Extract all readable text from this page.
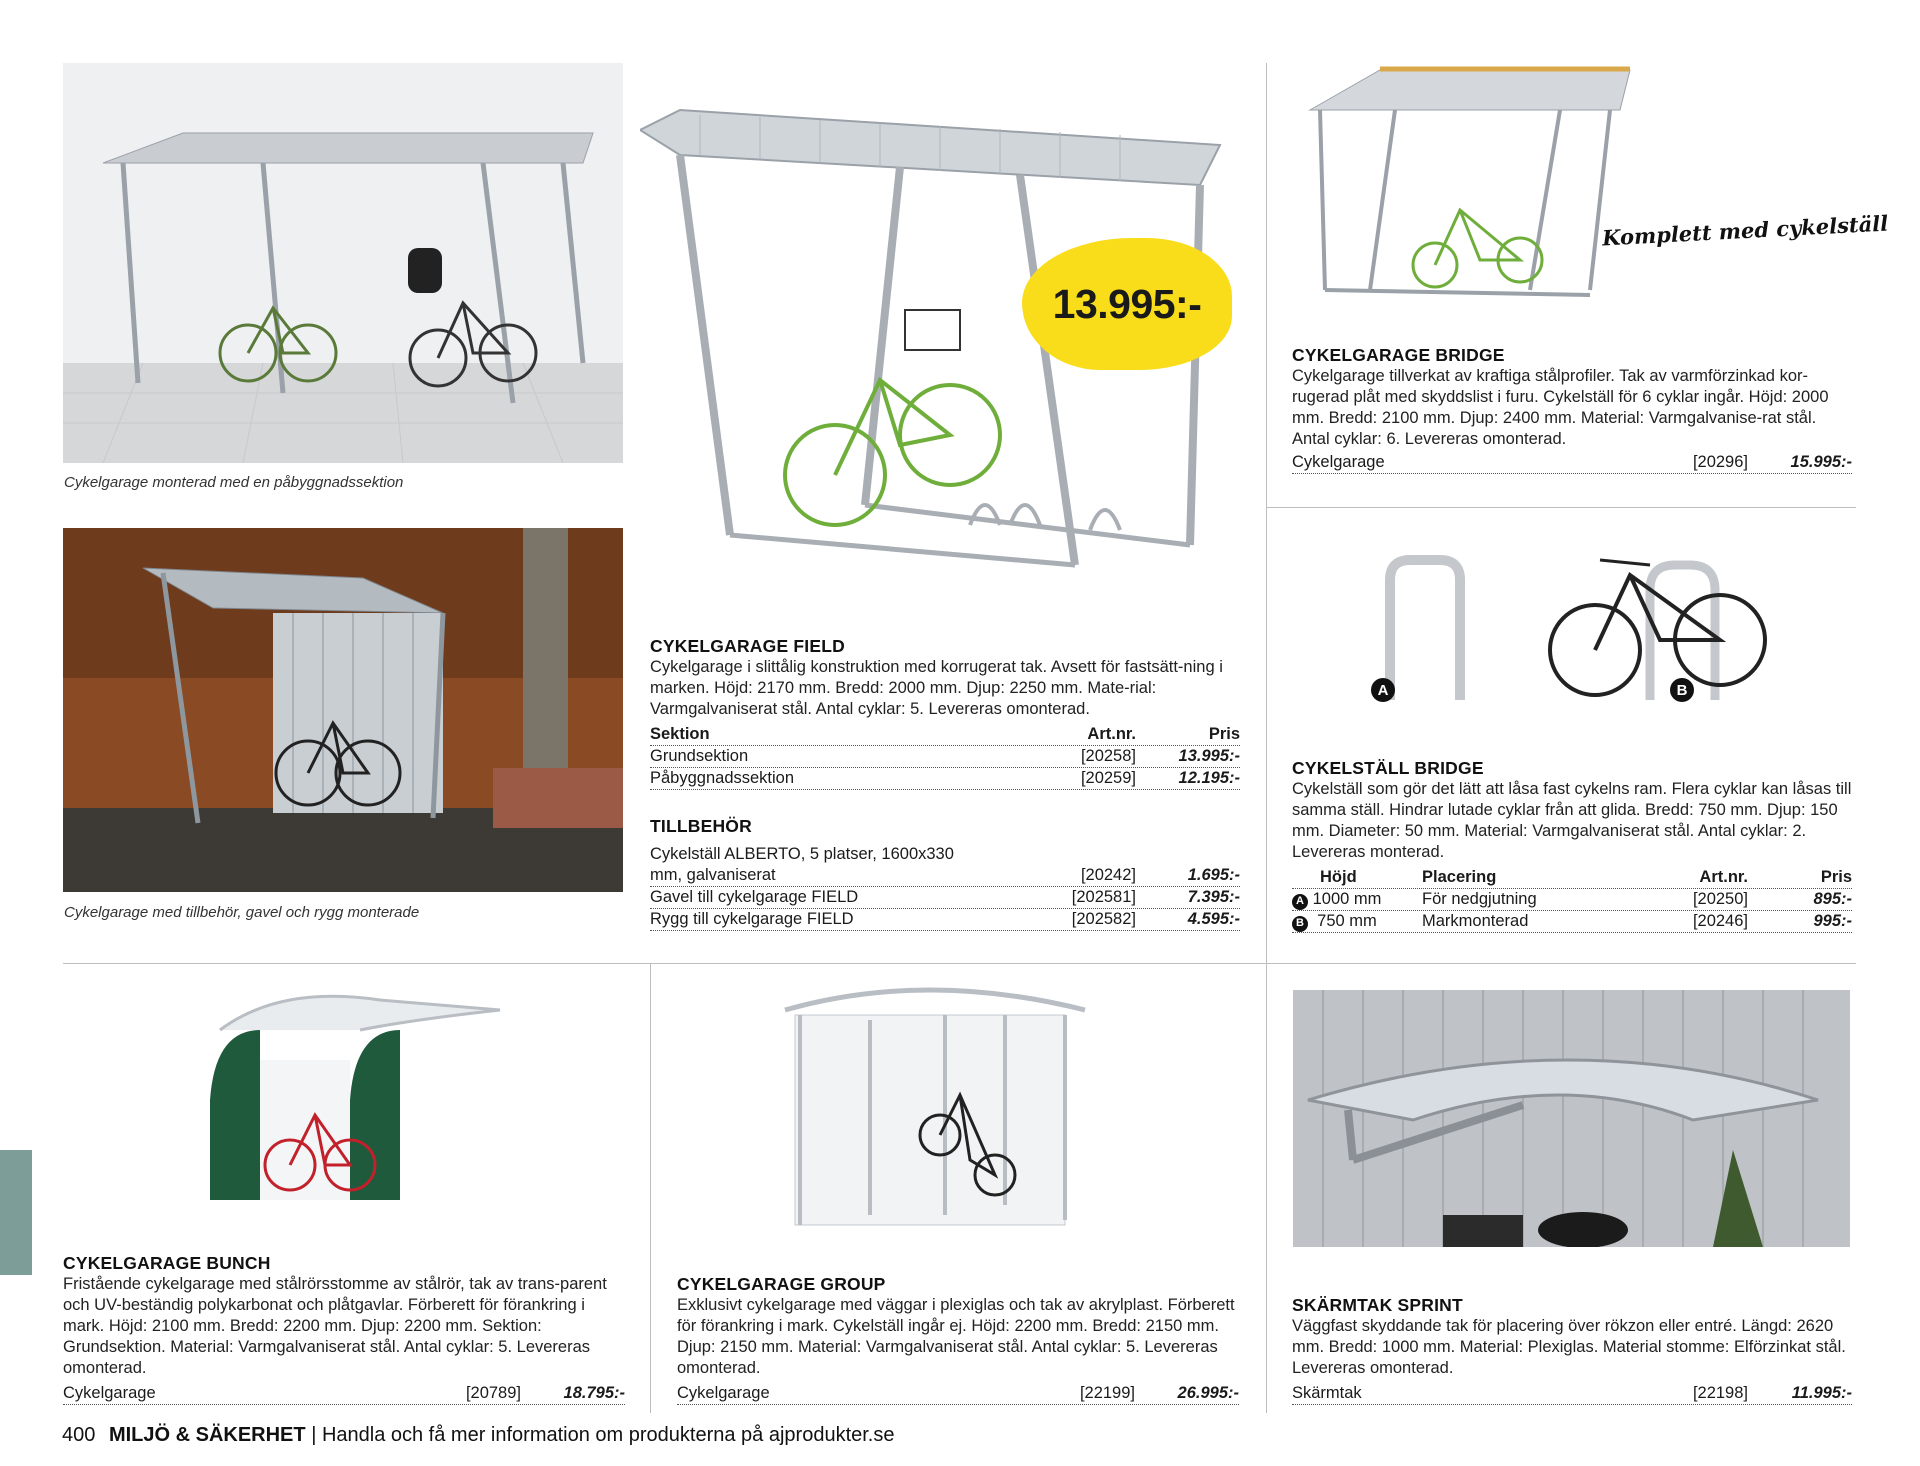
Cykelgarage monterad med en påbyggnadssektion
Cykelgarage med tillbehör, gavel och rygg monterade
13.995:-
Komplett med cykelställ
A	B
CYKELGARAGE FIELD
Cykelgarage i slittålig konstruktion med korrugerat tak. Avsett för fastsätt-ning i marken. Höjd: 2170 mm. Bredd: 2000 mm. Djup: 2250 mm. Mate-rial: Varmgalvaniserat stål. Antal cyklar: 5. Levereras omonterad.
Sektion	Art.nr.	Pris
Grundsektion	[20258]	13.995:-
Påbyggnadssektion	[20259]	12.195:-
TILLBEHÖR
Cykelställ ALBERTO, 5 platser, 1600x330 mm, galvaniserat	[20242]	1.695:-
Gavel till cykelgarage FIELD	[202581]	7.395:-
Rygg till cykelgarage FIELD	[202582]	4.595:-
CYKELGARAGE BRIDGE
Cykelgarage tillverkat av kraftiga stålprofiler. Tak av varmförzinkad kor-rugerad plåt med skyddslist i furu. Cykelställ för 6 cyklar ingår. Höjd: 2000 mm. Bredd: 2100 mm. Djup: 2400 mm. Material: Varmgalvanise-rat stål. Antal cyklar: 6. Levereras omonterad.
Cykelgarage	[20296]	15.995:-
CYKELSTÄLL BRIDGE
Cykelställ som gör det lätt att låsa fast cykelns ram. Flera cyklar kan låsas till samma ställ. Hindrar lutade cyklar från att glida. Bredd: 750 mm. Djup: 150 mm. Diameter: 50 mm. Material: Varmgalvaniserat stål. Antal cyklar: 2. Levereras monterad.
Höjd	Placering	Art.nr.	Pris
A 1000 mm	För nedgjutning	[20250]	895:-
B 750 mm	Markmonterad	[20246]	995:-
CYKELGARAGE BUNCH
Fristående cykelgarage med stålrörsstomme av stålrör, tak av trans-parent och UV-beständig polykarbonat och plåtgavlar. Förberett för förankring i mark. Höjd: 2100 mm. Bredd: 2200 mm. Djup: 2200 mm. Sektion: Grundsektion. Material: Varmgalvaniserat stål. Antal cyklar: 5. Levereras omonterad.
Cykelgarage	[20789]	18.795:-
CYKELGARAGE GROUP
Exklusivt cykelgarage med väggar i plexiglas och tak av akrylplast. Förberett för förankring i mark. Cykelställ ingår ej. Höjd: 2200 mm. Bredd: 2150 mm. Djup: 2150 mm. Material: Varmgalvaniserat stål. Antal cyklar: 5. Levereras omonterad.
Cykelgarage	[22199]	26.995:-
SKÄRMTAK SPRINT
Väggfast skyddande tak för placering över rökzon eller entré. Längd: 2620 mm. Bredd: 1000 mm. Material: Plexiglas. Material stomme: Elförzinkat stål. Levereras omonterad.
Skärmtak	[22198]	11.995:-
400 MILJÖ & SÄKERHET | Handla och få mer information om produkterna på ajprodukter.se
